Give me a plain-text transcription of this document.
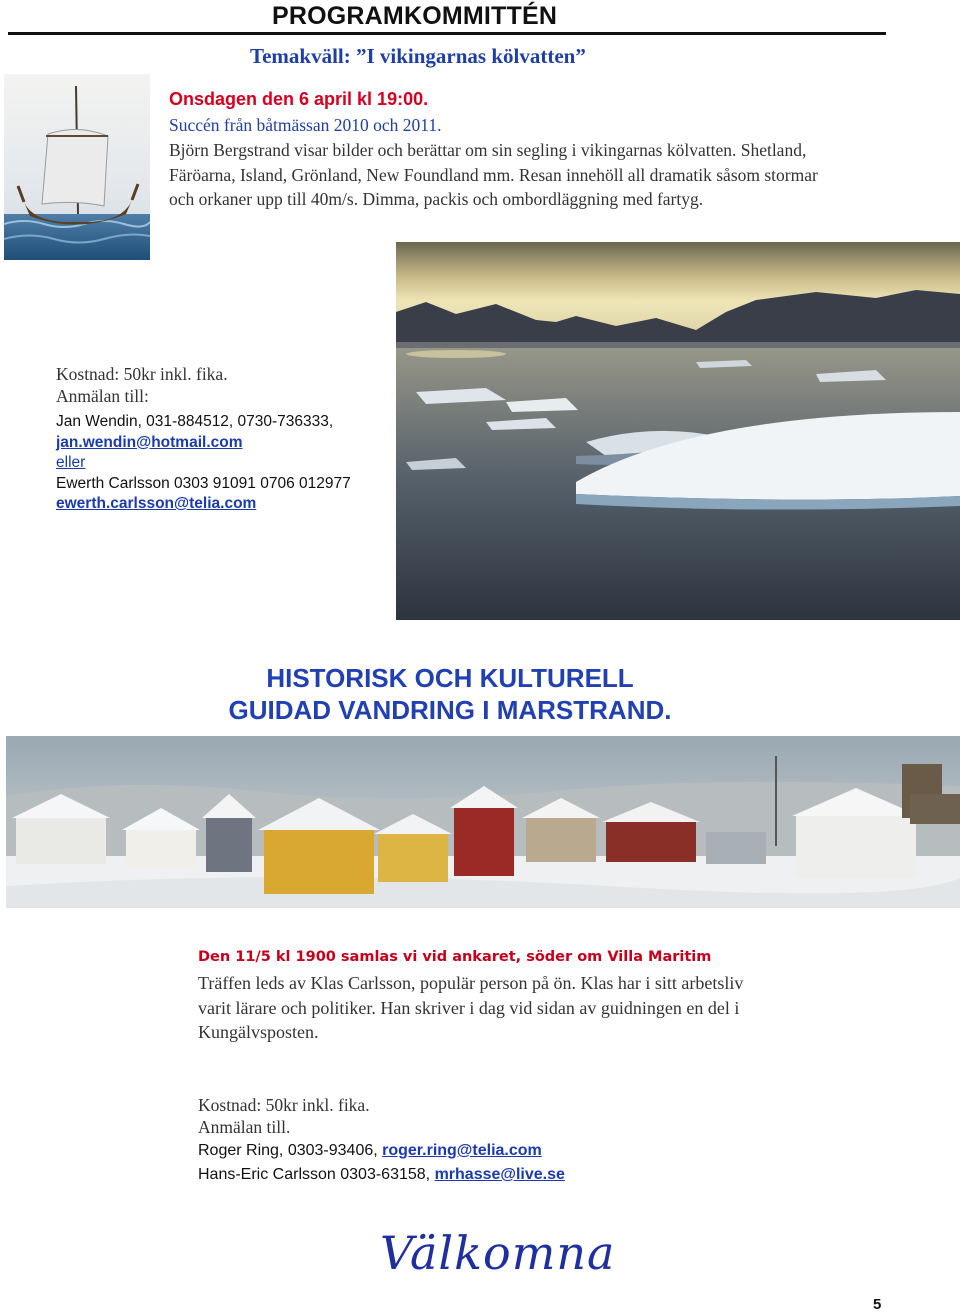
PROGRAMKOMMITTÉN
Temakväll: ”I vikingarnas kölvatten”
Onsdagen den 6 april kl 19:00.
Succén från båtmässan 2010 och 2011.
Björn Bergstrand visar bilder och berättar om sin segling i vikingarnas kölvatten. Shetland, Färöarna, Island, Grönland, New Foundland mm. Resan innehöll all dramatik såsom stormar och orkaner upp till 40m/s. Dimma, packis och ombordläggning med fartyg.
Kostnad: 50kr inkl. fika.
Anmälan till:
Jan Wendin, 031-884512, 0730-736333,
jan.wendin@hotmail.com
eller
Ewerth Carlsson 0303 91091 0706 012977
ewerth.carlsson@telia.com
HISTORISK OCH KULTURELL
GUIDAD VANDRING I MARSTRAND.
Den 11/5 kl 1900 samlas vi vid ankaret, söder om Villa Maritim
Träffen leds av Klas Carlsson, populär person på ön. Klas har i sitt arbetsliv varit lärare och politiker. Han skriver i dag vid sidan av guidningen en del i Kungälvsposten.
Kostnad: 50kr inkl. fika.
Anmälan till.
Roger Ring, 0303-93406, roger.ring@telia.com
Hans-Eric Carlsson 0303-63158, mrhasse@live.se
Välkomna
5
